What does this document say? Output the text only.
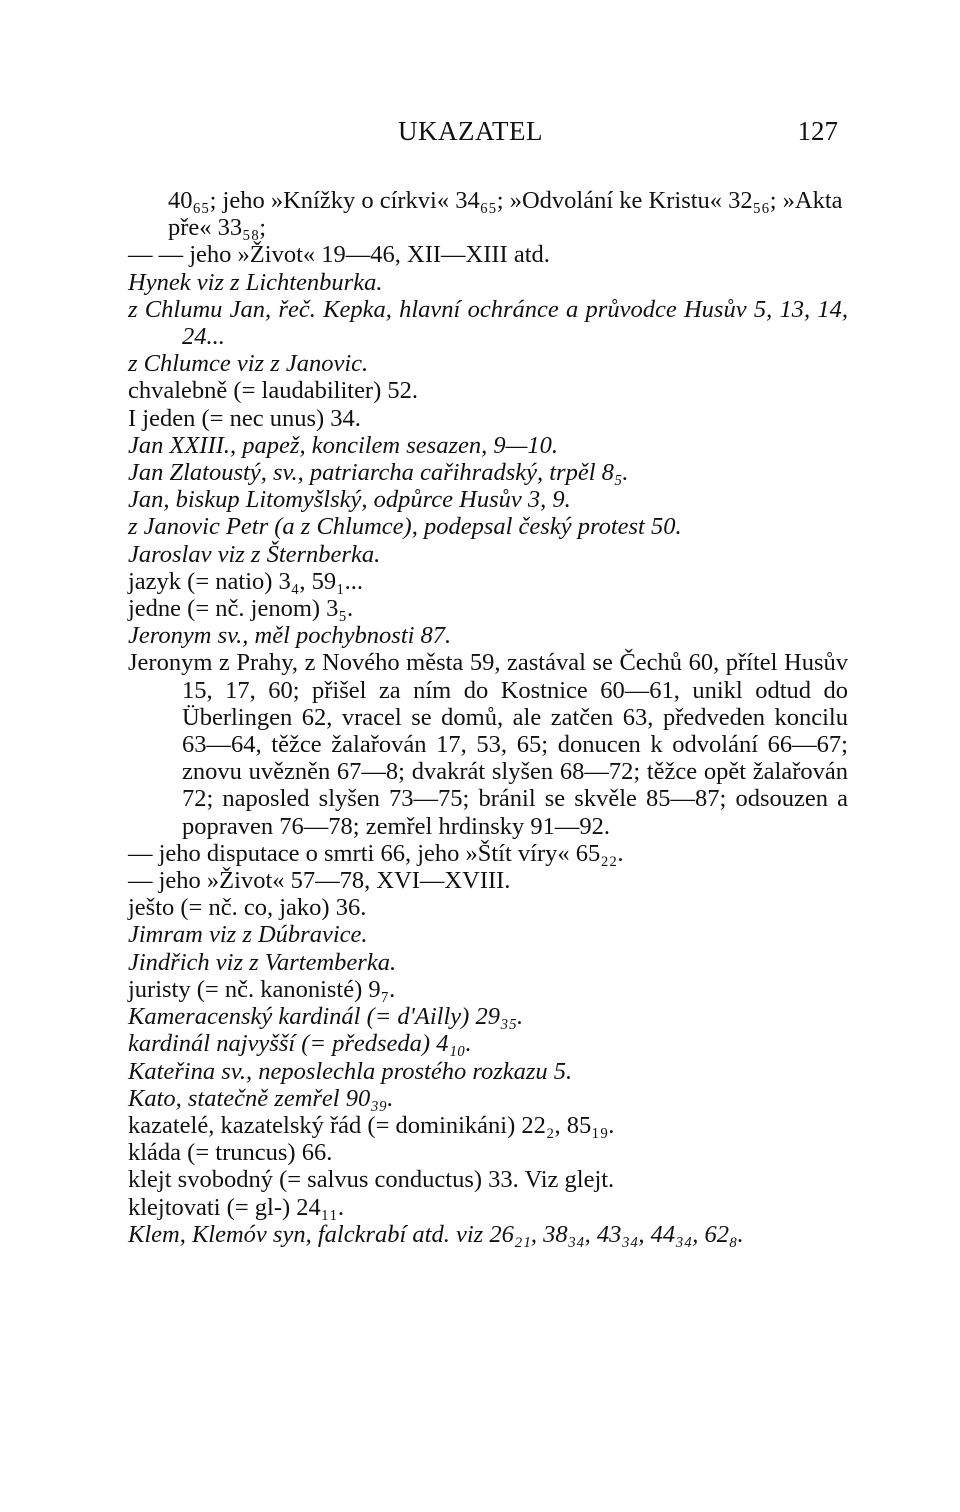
UKAZATEL	127

40₆₅; jeho »Knížky o církvi« 34₆₅; »Odvolání ke Kristu« 32₅₆; »Akta pře« 33₅₈;

— — jeho »Život« 19—46, XII—XIII atd.

Hynek viz z Lichtenburka.

z Chlumu Jan, řeč. Kepka, hlavní ochránce a průvodce Husův 5, 13, 14, 24...

z Chlumce viz z Janovic.

chvalebně (= laudabiliter) 52.

I jeden (= nec unus) 34.

Jan XXIII., papež, koncilem sesazen, 9—10.

Jan Zlatoustý, sv., patriarcha cařihradský, trpěl 8₅.

Jan, biskup Litomyšlský, odpůrce Husův 3, 9.

z Janovic Petr (a z Chlumce), podepsal český protest 50.

Jaroslav viz z Šternberka.

jazyk (= natio) 3₄, 59₁...

jedne (= nč. jenom) 3₅.

Jeronym sv., měl pochybnosti 87.

Jeronym z Prahy, z Nového města 59, zastával se Čechů 60, přítel Husův 15, 17, 60; přišel za ním do Kostnice 60—61, unikl odtud do Überlingen 62, vracel se domů, ale zatčen 63, předveden koncilu 63—64, těžce žalařován 17, 53, 65; donucen k odvolání 66—67; znovu uvězněn 67—8; dvakrát slyšen 68—72; těžce opět žalařován 72; naposled slyšen 73—75; bránil se skvěle 85—87; odsouzen a popraven 76—78; zemřel hrdinsky 91—92.

— jeho disputace o smrti 66, jeho »Štít víry« 65₂₂.

— jeho »Život« 57—78, XVI—XVIII.

ješto (= nč. co, jako) 36.

Jimram viz z Dúbravice.

Jindřich viz z Vartemberka.

juristy (= nč. kanonisté) 9₇.

Kameracenský kardinál (= d'Ailly) 29₃₅.

kardinál najvyšší (= předseda) 4₁₀.

Kateřina sv., neposlechla prostého rozkazu 5.

Kato, statečně zemřel 90₃₉.

kazatelé, kazatelský řád (= dominikáni) 22₂, 85₁₉.

kláda (= truncus) 66.

klejt svobodný (= salvus conductus) 33. Viz glejt.

klejtovati (= gl-) 24₁₁.

Klem, Klemóv syn, falckrabí atd. viz 26₂₁, 38₃₄, 43₃₄, 44₃₄, 62₈.
